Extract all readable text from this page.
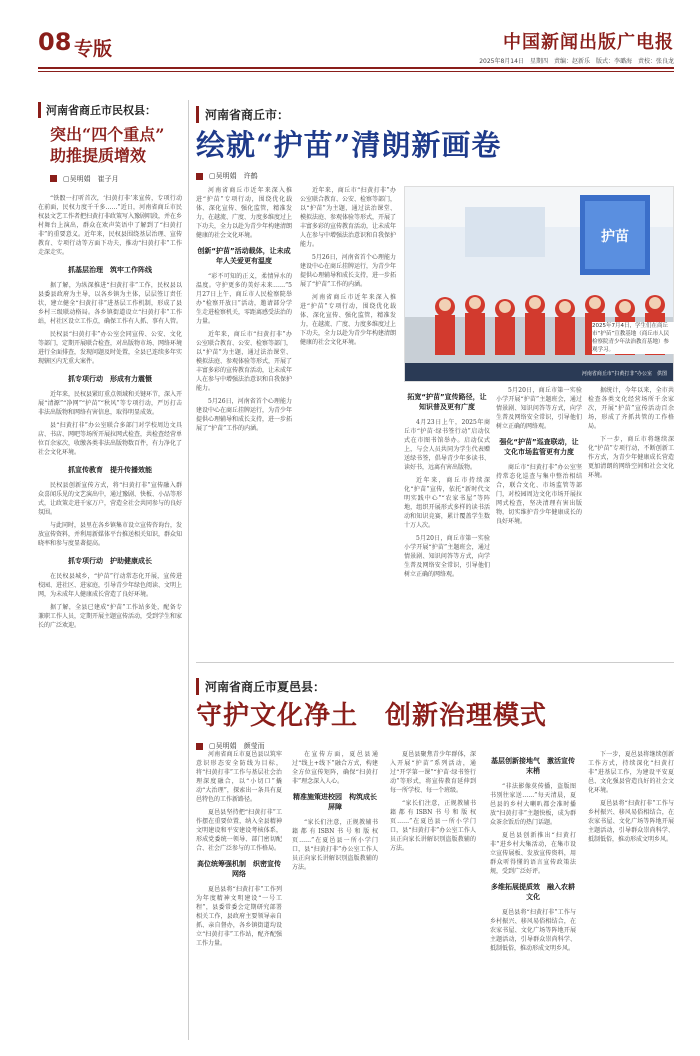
08 专版	中国新闻出版广电报
2025年8月14日 星期四 责编：赵新乐 版式：李璐海 责校：张良龙
河南省商丘市民权县：
突出“四个重点”
助推提质增效
▢吴明娟　崔子月

“铁骰一打听首次，‘扫黄打非’来宣传，专项行动在前面，民权力度千千多……”近日，河南省商丘市民权县文艺工作者把扫黄打非政策写入豫剧唱段，并在乡村舞台上演出，群众在欢声笑语中了解到了“扫黄打非”的重要意义。近年来，民权县围绕基层治理、宣传教育、专项行动等方面下功夫，推动“扫黄打非”工作走深走实。

抓基层治理　筑牢工作阵线

据了解，为纵深推进“扫黄打非”工作，民权县以县委县政府为主导，以各乡镇为主体，层层签订责任状，建立健全“扫黄打非”进基层工作机制，形成了县乡村三级联动格局。各乡镇街道设立“扫黄打非”工作站，村社区设立工作点，确保工作有人抓、事有人管。

民权县“扫黄打非”办公室会同宣传、公安、文化等部门，定期开展联合检查，对出版物市场、网络环境进行全面排查，发现问题及时处置，全县已连续多年实现辖区内无重大案件。

抓专项行动　形成有力震慑

近年来，民权县紧盯重点领域和关键环节，深入开展“清源”“净网”“护苗”“秋风”等专项行动，严厉打击非法出版物和网络有害信息，取得明显成效。

县“扫黄打非”办公室联合多部门对学校周边文具店、书店、网吧等场所开展拉网式检查，共检查经营单位百余家次，收缴各类非法出版物数百件，有力净化了社会文化环境。

抓宣传教育　提升传播效能

民权县创新宣传方式，将“扫黄打非”宣传融入群众喜闻乐见的文艺演出中，通过豫剧、快板、小品等形式，让政策走进千家万户，营造全社会共同参与的良好氛围。

与此同时，县里在各乡镇集市设立宣传咨询台，发放宣传资料，并利用新媒体平台推送相关知识，群众知晓率和参与度显著提高。

抓专项行动　护助健康成长

在民权县城乡，“护苗”行动常态化开展，宣传进校园、进社区、进家庭，引导青少年绿色阅读、文明上网，为未成年人健康成长营造了良好环境。

据了解，全县已建成“护苗”工作站多处，配备专兼职工作人员，定期开展主题宣传活动，受到学生和家长的广泛欢迎。

河南省商丘市：
绘就“护苗”清朗新画卷
▢吴明娟　许鹤

河南省商丘市近年来深入推进“护苗”专项行动，围绕优化载体、深化宣传、强化监管，精准发力，在越流、广度、力度多维度过上下功夫，全力以赴为青少年构建清朗健康的社会文化环境。

创新“护苗”活动载体，让未成年人关爱更有温度

“彩不可知的正义，柔情异水的温度。守护更多的美好未来……”5月27日上午，商丘市人民检察院举办“检察开放日”活动，邀请部分学生走进检察机关，零距离感受法治的力量。

近年来，商丘市“扫黄打非”办公室联合教育、公安、检察等部门，以“护苗”为主题，通过法治课堂、模拟法庭、参观体验等形式，开展了丰富多彩的宣传教育活动，让未成年人在参与中增强法治意识和自我保护能力。

5月26日，河南省首个心理能力建设中心在商丘挂牌运行，为青少年提供心理辅导和成长支持，进一步拓展了“护苗”工作的内涵。

近年来，商丘市“扫黄打非”办公室联合教育、公安、检察等部门，以“护苗”为主题，通过法治课堂、模拟法庭、参观体验等形式，开展了丰富多彩的宣传教育活动，让未成年人在参与中增强法治意识和自我保护能力。

5月26日，河南省首个心理能力建设中心在商丘挂牌运行，为青少年提供心理辅导和成长支持，进一步拓展了“护苗”工作的内涵。

河南省商丘市近年来深入推进“护苗”专项行动，围绕优化载体、深化宣传、强化监管，精准发力，在越流、广度、力度多维度过上下功夫，全力以赴为青少年构建清朗健康的社会文化环境。

护苗
河南省商丘市“扫黄打非”办公室　供图
拓宽“护苗”宣传路径，让知识普及更有广度

4月23日上午，2025年商丘市“护苗·绿书签行动”启动仪式在市图书馆举办。启动仪式上，与会人员共同为学生代表赠送绿书签，倡导青少年多读书、读好书，远离有害出版物。

近年来，商丘市持续深化“护苗”宣传，依托“新时代文明实践中心”“农家书屋”等阵地，组织开展形式多样的读书活动和知识竞赛，累计覆盖学生数十万人次。

5月20日，商丘市第一实验小学开展“护苗”主题班会，通过情景剧、知识问答等方式，向学生普及网络安全常识，引导他们树立正确的网络观。

5月20日，商丘市第一实验小学开展“护苗”主题班会，通过情景剧、知识问答等方式，向学生普及网络安全常识，引导他们树立正确的网络观。

强化“护苗”巡查联动，让文化市场监管更有力度

商丘市“扫黄打非”办公室坚持常态化巡查与集中整治相结合，联合文化、市场监管等部门，对校园周边文化市场开展拉网式检查，坚决清理有害出版物，切实维护青少年健康成长的良好环境。

据统计，今年以来，全市共检查各类文化经营场所千余家次，开展“护苗”宣传活动百余场，形成了齐抓共管的工作格局。

下一步，商丘市将继续深化“护苗”专项行动，不断创新工作方式，为青少年健康成长营造更加清朗的网络空间和社会文化环境。

2025年7月4日，学生们在商丘市“护苗”宣教基地（商丘市人民检察院青少年法治教育基地）参观学习。
河南省商丘市夏邑县：
守护文化净土　创新治理模式
▢吴明娟　颜莹而

河南省商丘市夏邑县以筑牢意识形态安全防线为目标，将“扫黄打非”工作与基层社会治理深度融合，以“小切口”撬动“大治理”，探索出一条具有夏邑特色的工作新路径。

夏邑县坚持把“扫黄打非”工作摆在重要位置，纳入全县精神文明建设和平安建设考核体系，形成党委统一领导、部门密切配合、社会广泛参与的工作格局。

高位统筹强机制　织密宣传网络

夏邑县将“扫黄打非”工作列为年度精神文明建设“一号工程”，县委常委会定期研究部署相关工作，县政府主要领导亲自抓、亲自督办，各乡镇街道均设立“扫黄打非”工作站，配齐配强工作力量。

在宣传方面，夏邑县通过“线上+线下”融合方式，构建全方位宣传矩阵，确保“扫黄打非”理念深入人心。

精准施策进校园　构筑成长屏障

“家长们注意，正规教辅书籍都有ISBN书号和版权页……”在夏邑县一所小学门口，县“扫黄打非”办公室工作人员正向家长讲解识别盗版教辅的方法。

夏邑县聚焦青少年群体，深入开展“护苗”系列活动，通过“开学第一课”“护苗·绿书签行动”等形式，将宣传教育延伸到每一所学校、每一个班级。

“家长们注意，正规教辅书籍都有ISBN书号和版权页……”在夏邑县一所小学门口，县“扫黄打非”办公室工作人员正向家长讲解识别盗版教辅的方法。

基层创新接地气　激活宣传末梢

“非法影像莫传播，盗版图书别往家送……”每天清晨，夏邑县的乡村大喇叭都会准时播放“扫黄打非”主题快板，成为群众茶余饭后的热门话题。

夏邑县创新推出“扫黄打非”进乡村大集活动，在集市设立宣传展板、发放宣传资料，用群众听得懂的语言宣传政策法规，受到广泛好评。

多维拓展提质效　融入农耕文化

夏邑县将“扫黄打非”工作与乡村振兴、移风易俗相结合，在农家书屋、文化广场等阵地开展主题活动，引导群众崇尚科学、抵制低俗，推动形成文明乡风。

下一步，夏邑县将继续创新工作方式，持续深化“扫黄打非”进基层工作，为建设平安夏邑、文化强县营造良好的社会文化环境。

夏邑县将“扫黄打非”工作与乡村振兴、移风易俗相结合，在农家书屋、文化广场等阵地开展主题活动，引导群众崇尚科学、抵制低俗，推动形成文明乡风。
